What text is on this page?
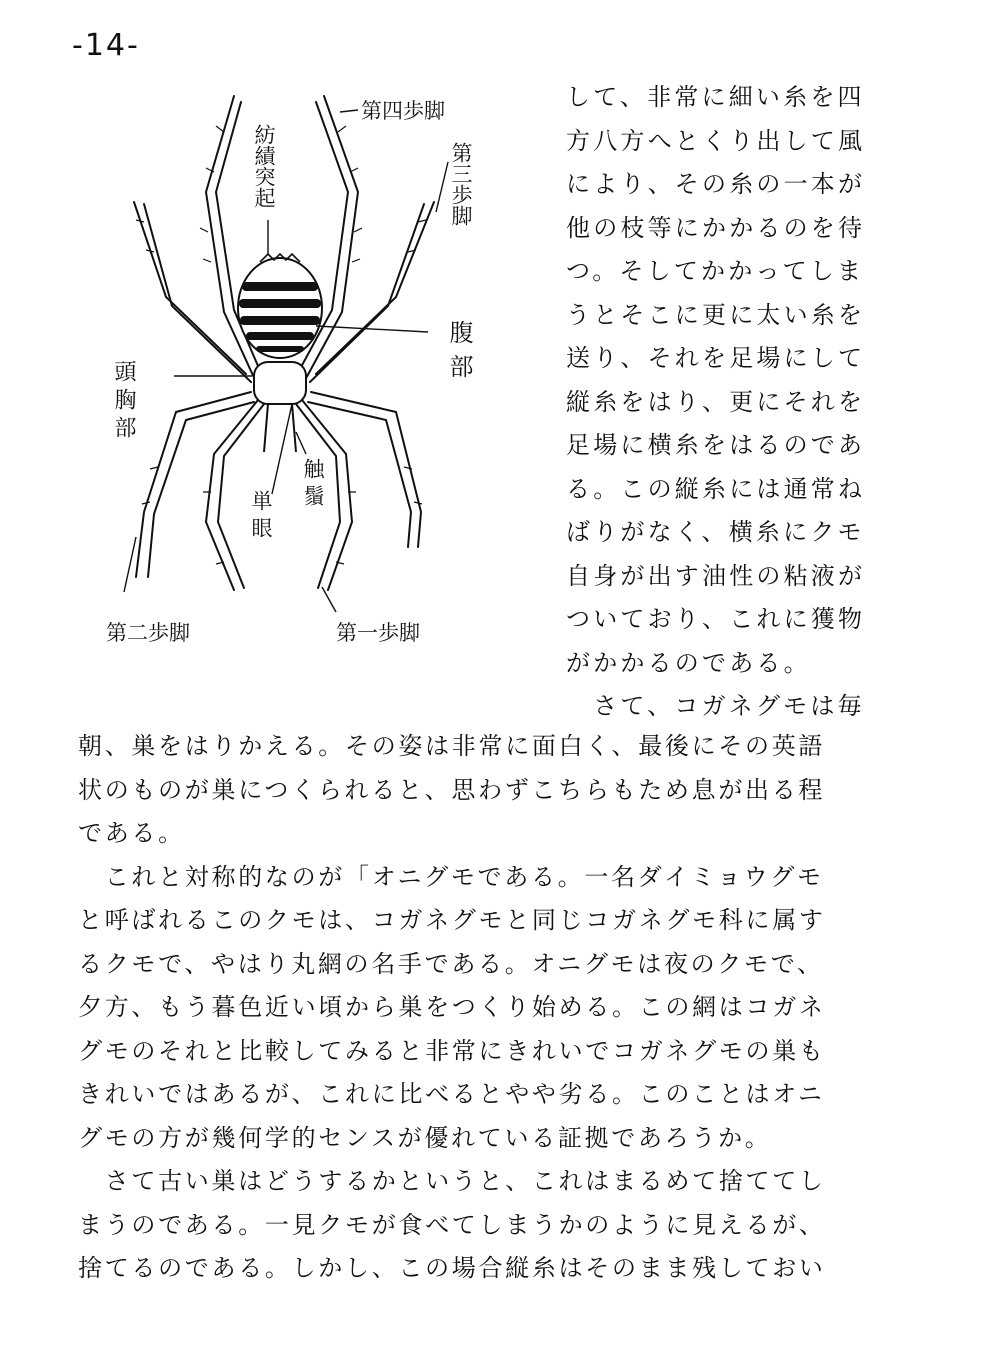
-14-
第四歩脚
紡績突起	第三歩脚
腹部
頭胸部
触鬚
単眼
第二歩脚	第一歩脚
して、非常に細い糸を四
方八方へとくり出して風
により、その糸の一本が
他の枝等にかかるのを待
つ。そしてかかってしま
うとそこに更に太い糸を
送り、それを足場にして
縦糸をはり、更にそれを
足場に横糸をはるのであ
る。この縦糸には通常ね
ばりがなく、横糸にクモ
自身が出す油性の粘液が
ついており、これに獲物
がかかるのである。
　さて、コガネグモは毎
朝、巣をはりかえる。その姿は非常に面白く、最後にその英語
状のものが巣につくられると、思わずこちらもため息が出る程
である。
　これと対称的なのが「オニグモである。一名ダイミョウグモ
と呼ばれるこのクモは、コガネグモと同じコガネグモ科に属す
るクモで、やはり丸網の名手である。オニグモは夜のクモで、
夕方、もう暮色近い頃から巣をつくり始める。この網はコガネ
グモのそれと比較してみると非常にきれいでコガネグモの巣も
きれいではあるが、これに比べるとやや劣る。このことはオニ
グモの方が幾何学的センスが優れている証拠であろうか。
　さて古い巣はどうするかというと、これはまるめて捨ててし
まうのである。一見クモが食べてしまうかのように見えるが、
捨てるのである。しかし、この場合縦糸はそのまま残しておい
